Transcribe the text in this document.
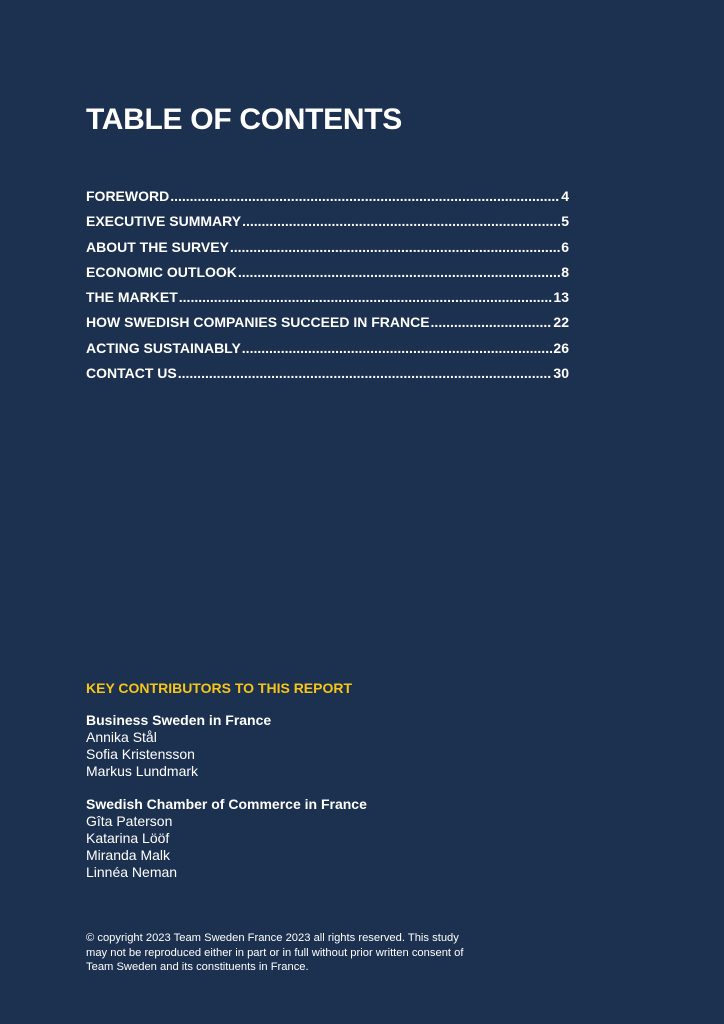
TABLE OF CONTENTS
FOREWORD .....	4
EXECUTIVE SUMMARY .....	5
ABOUT THE SURVEY .....	6
ECONOMIC OUTLOOK .....	8
THE MARKET .....	13
HOW SWEDISH COMPANIES SUCCEED IN FRANCE .....	22
ACTING SUSTAINABLY .....	26
CONTACT US .....	30
KEY CONTRIBUTORS TO THIS REPORT
Business Sweden in France
Annika Stål
Sofia Kristensson
Markus Lundmark
Swedish Chamber of Commerce in France
Gîta Paterson
Katarina Lööf
Miranda Malk
Linnéa Neman

© copyright 2023 Team Sweden France 2023 all rights reserved. This study
may not be reproduced either in part or in full without prior written consent of
Team Sweden and its constituents in France.
